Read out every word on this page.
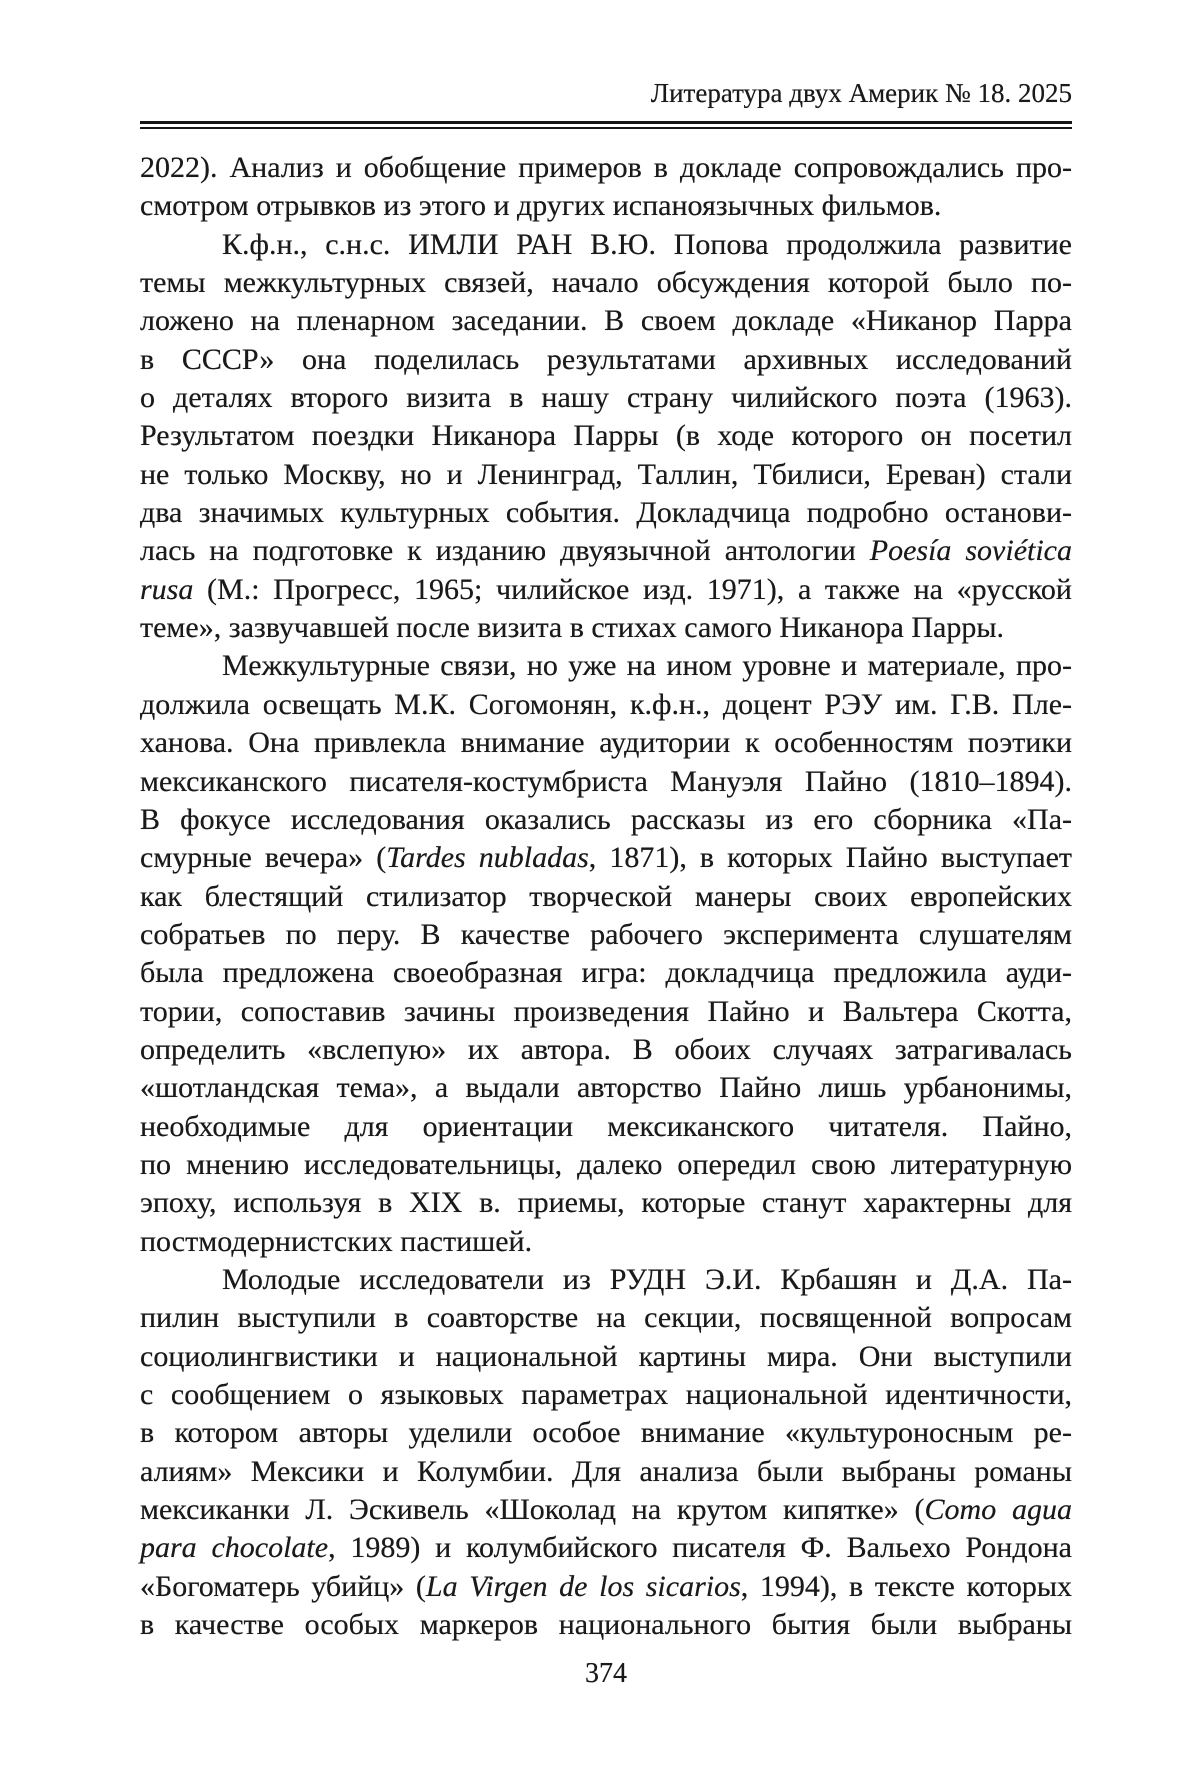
Литература двух Америк № 18. 2025
2022). Анализ и обобщение примеров в докладе сопровождались про-
смотром отрывков из этого и других испаноязычных фильмов.
К.ф.н., с.н.с. ИМЛИ РАН В.Ю. Попова продолжила развитие
темы межкультурных связей, начало обсуждения которой было по-
ложено на пленарном заседании. В своем докладе «Никанор Парра
в СССР» она поделилась результатами архивных исследований
о деталях второго визита в нашу страну чилийского поэта (1963).
Результатом поездки Никанора Парры (в ходе которого он посетил
не только Москву, но и Ленинград, Таллин, Тбилиси, Ереван) стали
два значимых культурных события. Докладчица подробно останови-
лась на подготовке к изданию двуязычной антологии Poesía soviética
rusa (М.: Прогресс, 1965; чилийское изд. 1971), а также на «русской
теме», зазвучавшей после визита в стихах самого Никанора Парры.
Межкультурные связи, но уже на ином уровне и материале, про-
должила освещать М.К. Согомонян, к.ф.н., доцент РЭУ им. Г.В. Пле-
ханова. Она привлекла внимание аудитории к особенностям поэтики
мексиканского писателя-костумбриста Мануэля Пайно (1810–1894).
В фокусе исследования оказались рассказы из его сборника «Па-
смурные вечера» (Tardes nubladas, 1871), в которых Пайно выступает
как блестящий стилизатор творческой манеры своих европейских
собратьев по перу. В качестве рабочего эксперимента слушателям
была предложена своеобразная игра: докладчица предложила ауди-
тории, сопоставив зачины произведения Пайно и Вальтера Скотта,
определить «вслепую» их автора. В обоих случаях затрагивалась
«шотландская тема», а выдали авторство Пайно лишь урбанонимы,
необходимые для ориентации мексиканского читателя. Пайно,
по мнению исследовательницы, далеко опередил свою литературную
эпоху, используя в XIX в. приемы, которые станут характерны для
постмодернистских пастишей.
Молодые исследователи из РУДН Э.И. Крбашян и Д.А. Па-
пилин выступили в соавторстве на секции, посвященной вопросам
социолингвистики и национальной картины мира. Они выступили
с сообщением о языковых параметрах национальной идентичности,
в котором авторы уделили особое внимание «культуроносным ре-
алиям» Мексики и Колумбии. Для анализа были выбраны романы
мексиканки Л. Эскивель «Шоколад на крутом кипятке» (Como agua
para chocolate, 1989) и колумбийского писателя Ф. Вальехо Рондона
«Богоматерь убийц» (La Virgen de los sicarios, 1994), в тексте которых
в качестве особых маркеров национального бытия были выбраны
374
